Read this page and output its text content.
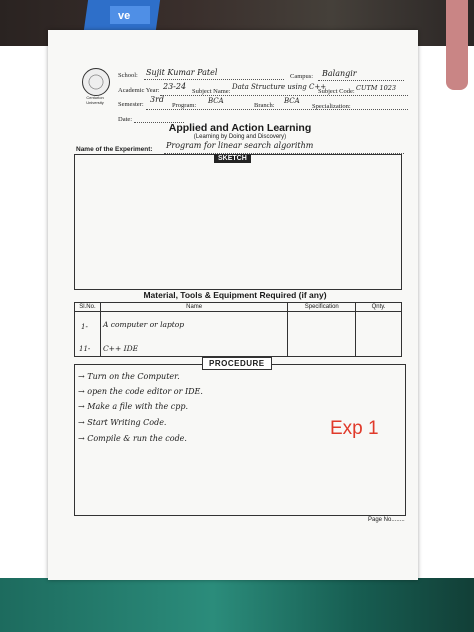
ve
Centurion University
School: Sujit Kumar Patel	Campus: Balangir
Academic Year: 23-24
Subject Name:
Data Structure using C++
Subject Code: CUTM 1023
Semester:
3rd
Program:
BCA
Branch:
BCA
Specialization:
Date:
Applied and Action Learning
(Learning by Doing and Discovery)
Name of the Experiment: Program for linear search algorithm
SKETCH
Material, Tools & Equipment Required (if any)
Sl.No.	Name	Specification	Qnty.
$_{1-}$	A computer or laptop		
$_{11-}$	$_{C++ IDE}$		
PROCEDURE
→ Turn on the Computer.
→ open the code editor or IDE.
→ Make a file with the cpp.
→ Start Writing Code.
→ Compile & run the code.	Exp 1
Page No........
